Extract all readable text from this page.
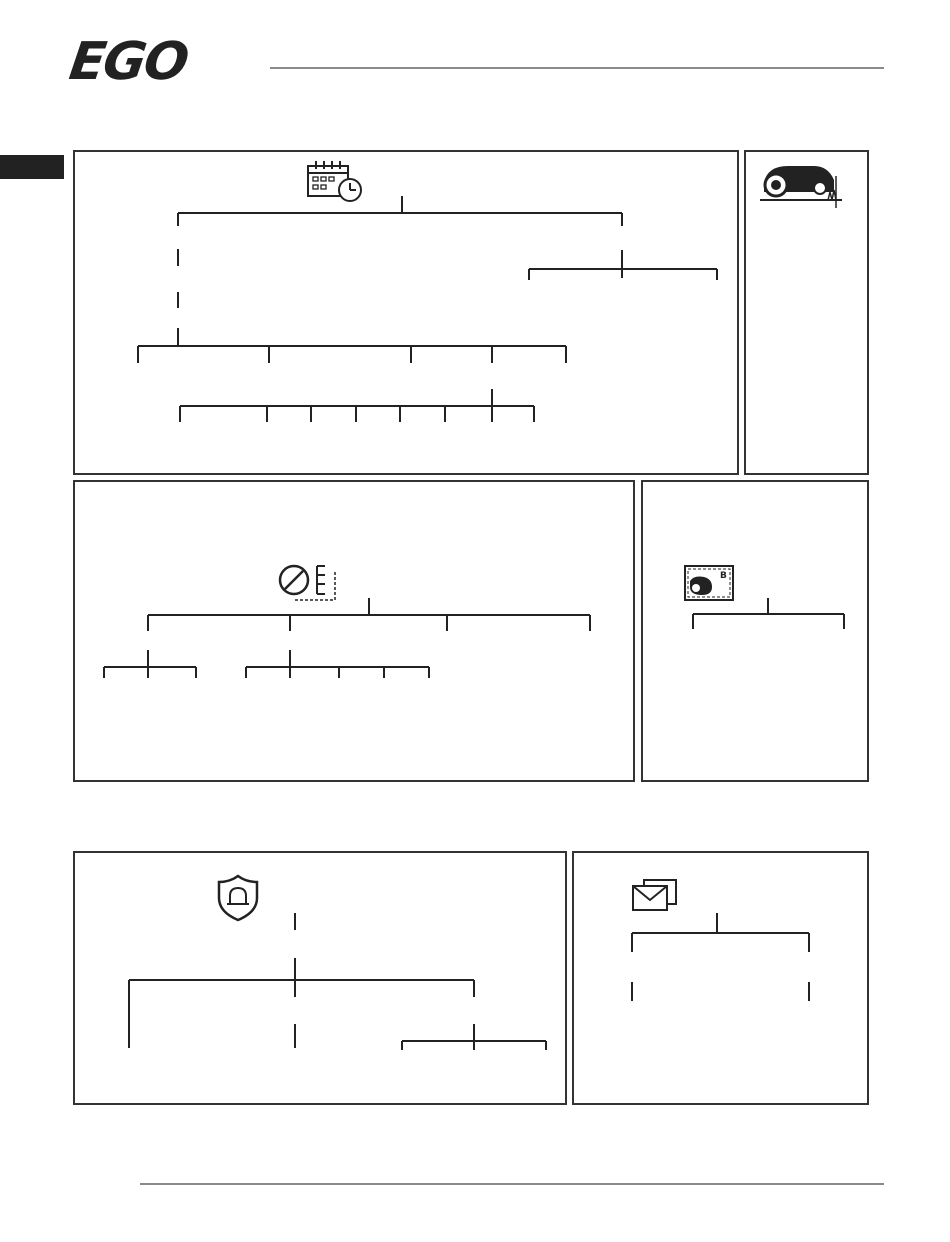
EGO
B
